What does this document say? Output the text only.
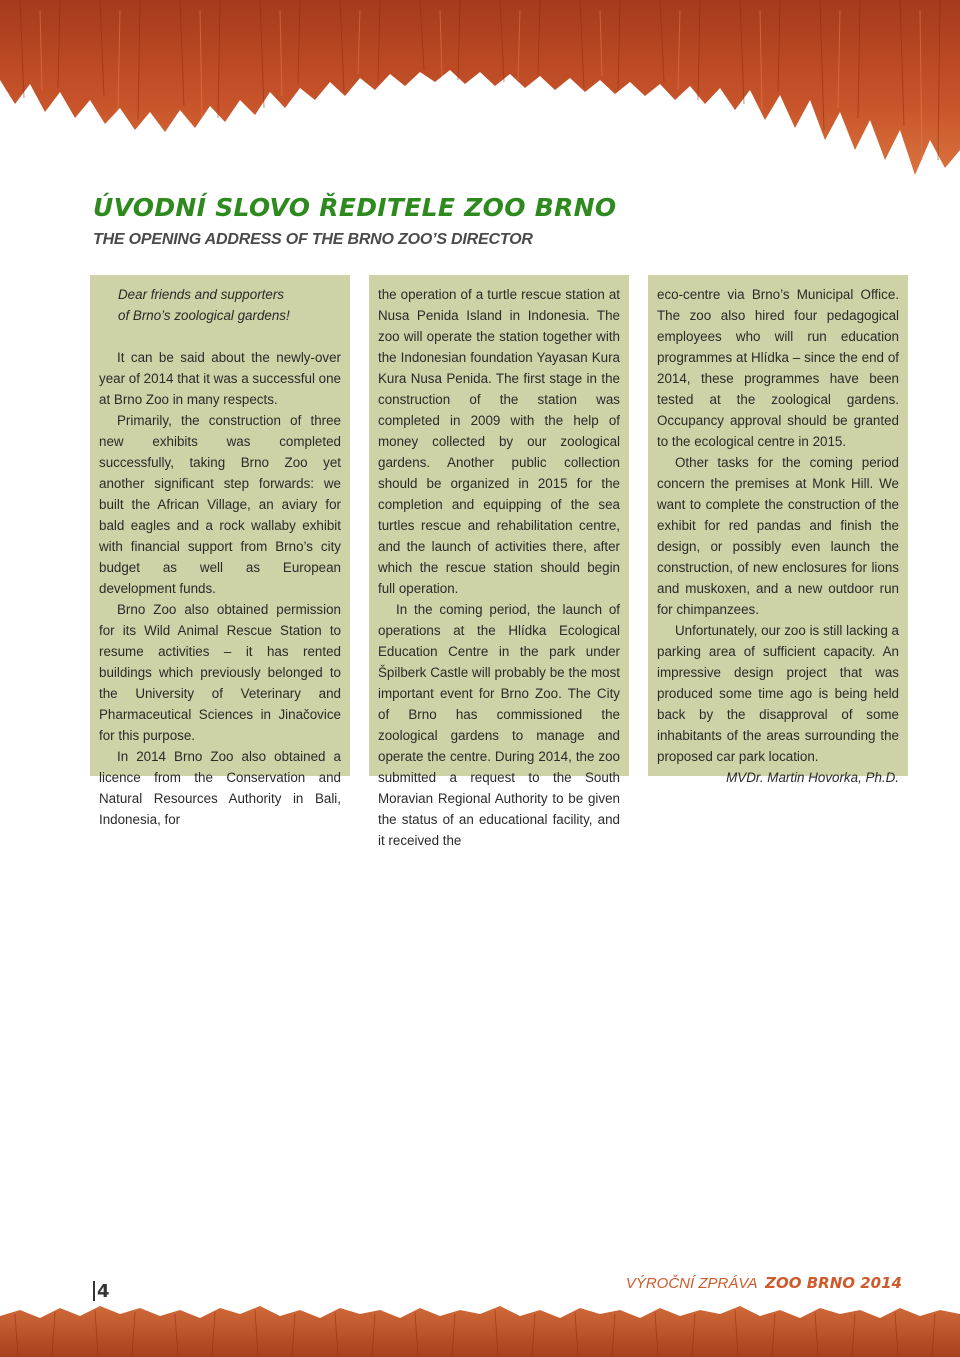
ÚVODNÍ SLOVO ŘEDITELE ZOO BRNO
THE OPENING ADDRESS OF THE BRNO ZOO’S DIRECTOR
Dear friends and supporters
of Brno’s zoological gardens!

It can be said about the newly-over year of 2014 that it was a successful one at Brno Zoo in many respects.

Primarily, the construction of three new exhibits was completed successfully, taking Brno Zoo yet another significant step forwards: we built the African Village, an aviary for bald eagles and a rock wallaby exhibit with financial support from Brno’s city budget as well as European development funds.

Brno Zoo also obtained permission for its Wild Animal Rescue Station to resume activities – it has rented buildings which previously belonged to the University of Veterinary and Pharmaceutical Sciences in Jinačovice for this purpose.

In 2014 Brno Zoo also obtained a licence from the Conservation and Natural Resources Authority in Bali, Indonesia, for

the operation of a turtle rescue station at Nusa Penida Island in Indonesia. The zoo will operate the station together with the Indonesian foundation Yayasan Kura Kura Nusa Penida. The first stage in the construction of the station was completed in 2009 with the help of money collected by our zoological gardens. Another public collection should be organized in 2015 for the completion and equipping of the sea turtles rescue and rehabilitation centre, and the launch of activities there, after which the rescue station should begin full operation.

In the coming period, the launch of operations at the Hlídka Ecological Education Centre in the park under Špilberk Castle will probably be the most important event for Brno Zoo. The City of Brno has commissioned the zoological gardens to manage and operate the centre. During 2014, the zoo submitted a request to the South Moravian Regional Authority to be given the status of an educational facility, and it received the

eco-centre via Brno’s Municipal Office. The zoo also hired four pedagogical employees who will run education programmes at Hlídka – since the end of 2014, these programmes have been tested at the zoological gardens. Occupancy approval should be granted to the ecological centre in 2015.

Other tasks for the coming period concern the premises at Monk Hill. We want to complete the construction of the exhibit for red pandas and finish the design, or possibly even launch the construction, of new enclosures for lions and muskoxen, and a new outdoor run for chimpanzees.

Unfortunately, our zoo is still lacking a parking area of sufficient capacity. An impressive design project that was produced some time ago is being held back by the disapproval of some inhabitants of the areas surrounding the proposed car park location.

MVDr. Martin Hovorka, Ph.D.

4	VÝROČNÍ ZPRÁVA ZOO BRNO 2014
